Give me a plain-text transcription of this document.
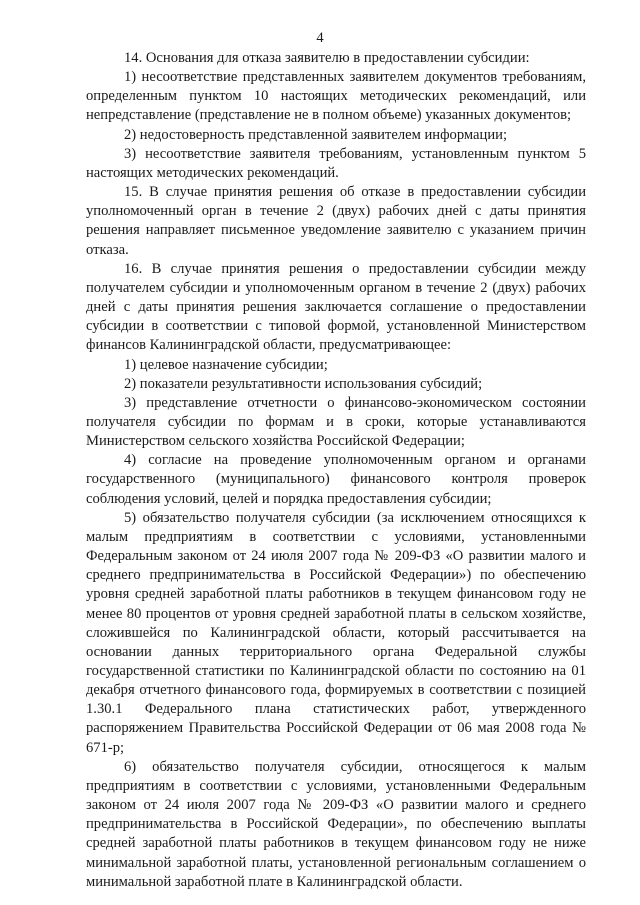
4

14. Основания для отказа заявителю в предоставлении субсидии:

1) несоответствие представленных заявителем документов требованиям, определенным пунктом 10 настоящих методических рекомендаций, или непредставление (представление не в полном объеме) указанных документов;

2) недостоверность представленной заявителем информации;

3) несоответствие заявителя требованиям, установленным пунктом 5 настоящих методических рекомендаций.

15. В случае принятия решения об отказе в предоставлении субсидии уполномоченный орган в течение 2 (двух) рабочих дней с даты принятия решения направляет письменное уведомление заявителю с указанием причин отказа.

16. В случае принятия решения о предоставлении субсидии между получателем субсидии и уполномоченным органом в течение 2 (двух) рабочих дней с даты принятия решения заключается соглашение о предоставлении субсидии в соответствии с типовой формой, установленной Министерством финансов Калининградской области, предусматривающее:

1) целевое назначение субсидии;

2) показатели результативности использования субсидий;

3) представление отчетности о финансово-экономическом состоянии получателя субсидии по формам и в сроки, которые устанавливаются Министерством сельского хозяйства Российской Федерации;

4) согласие на проведение уполномоченным органом и органами государственного (муниципального) финансового контроля проверок соблюдения условий, целей и порядка предоставления субсидии;

5) обязательство получателя субсидии (за исключением относящихся к малым предприятиям в соответствии с условиями, установленными Федеральным законом от 24 июля 2007 года № 209-ФЗ «О развитии малого и среднего предпринимательства в Российской Федерации») по обеспечению уровня средней заработной платы работников в текущем финансовом году не менее 80 процентов от уровня средней заработной платы в сельском хозяйстве, сложившейся по Калининградской области, который рассчитывается на основании данных территориального органа Федеральной службы государственной статистики по Калининградской области по состоянию на 01 декабря отчетного финансового года, формируемых в соответствии с позицией 1.30.1 Федерального плана статистических работ, утвержденного распоряжением Правительства Российской Федерации от 06 мая 2008 года № 671-р;

6) обязательство получателя субсидии, относящегося к малым предприятиям в соответствии с условиями, установленными Федеральным законом от 24 июля 2007 года № 209-ФЗ «О развитии малого и среднего предпринимательства в Российской Федерации», по обеспечению выплаты средней заработной платы работников в текущем финансовом году не ниже минимальной заработной платы, установленной региональным соглашением о минимальной заработной плате в Калининградской области.
